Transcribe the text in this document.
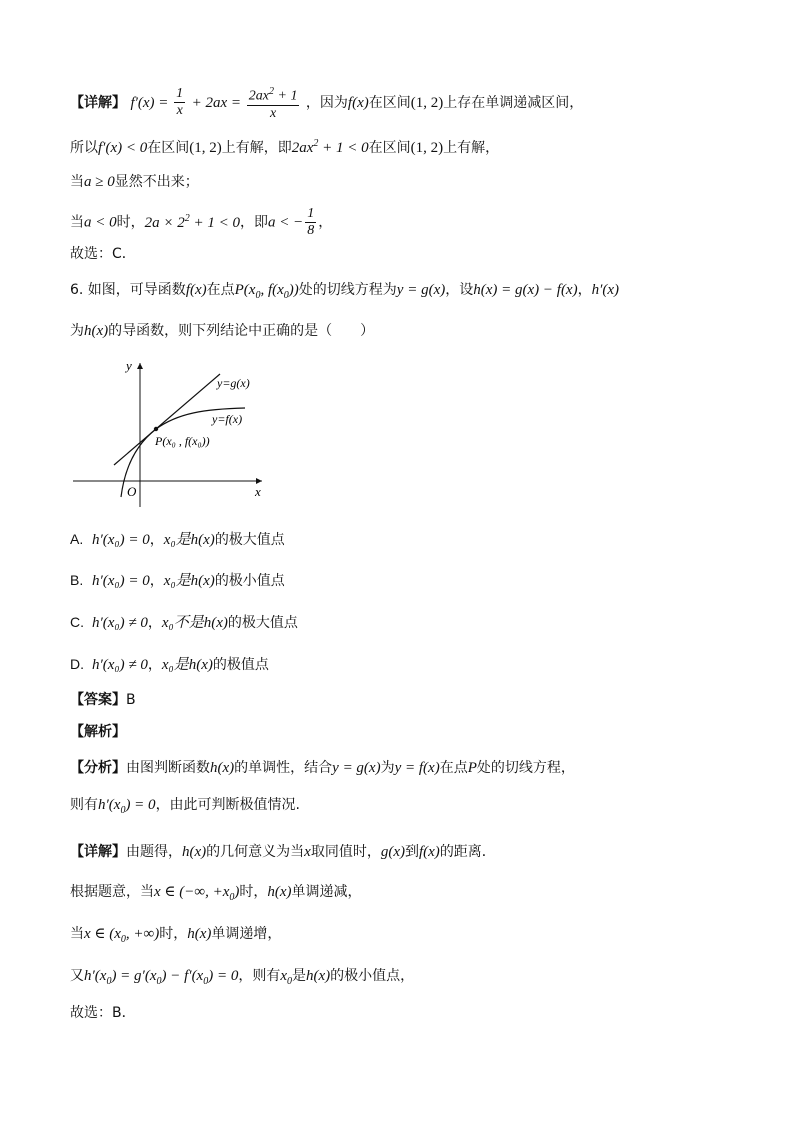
【详解】 $f'(x) = \frac{1}{x} + 2ax = \frac{2ax^2 + 1}{x}$ ，因为f(x)在区间(1, 2)上存在单调递减区间，
所以f′(x) < 0在区间(1, 2)上有解，即$2ax^2 + 1 < 0$在区间(1, 2)上有解，
当a ≥ 0显然不出来；
当a < 0时，$2a \times 2^2 + 1 < 0$，即a < − $\frac{1}{8}$ ，
故选：C．
6. 如图，可导函数f(x)在点$P(x_0$, $f(x_0)$)处的切线方程为y = g(x)，设h(x) = g(x) − f(x)，h′(x)
为h(x)的导函数，则下列结论中正确的是（　　）
y
x
O
y=g(x)
y=f(x)
P(x₀ , f(x₀))
A. h′(x₀) = 0，x₀是h(x)的极大值点
B. h′(x₀) = 0，x₀是h(x)的极小值点
C. h′(x₀) ≠ 0，x₀不是h(x)的极大值点
D. h′(x₀) ≠ 0，x₀是h(x)的极值点
【答案】B
【解析】
【分析】由图判断函数h(x)的单调性，结合y = g(x)为y = f(x)在点P处的切线方程，
则有$h'(x_0) = 0$，由此可判断极值情况.
【详解】由题得，h(x)的几何意义为当x取同值时，g(x)到f(x)的距离．
根据题意，当x ∈ (−∞, $+x_0$)时，h(x)单调递减，
当x ∈ ($x_0$, +∞)时，h(x)单调递增，
又$h'(x_0) = g'(x_0) - f'(x_0) = 0$，则有$x_0$是h(x)的极小值点，
故选：B．
